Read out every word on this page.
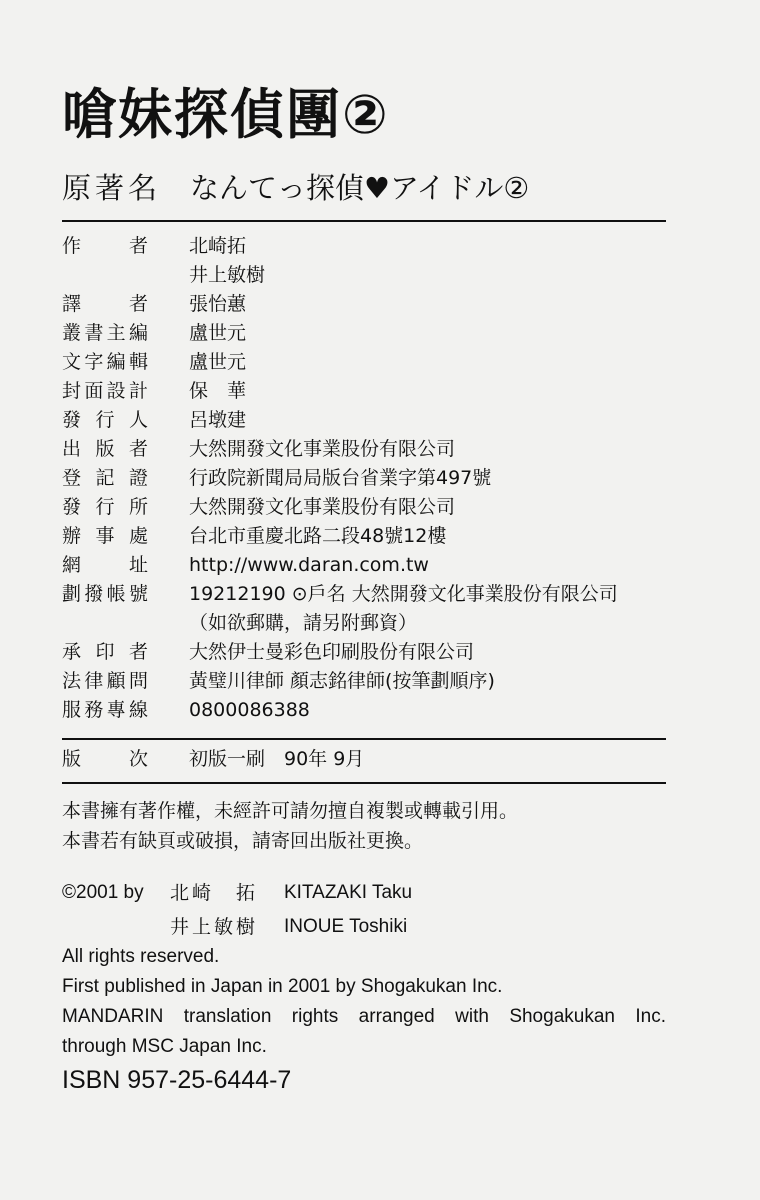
嗆妹探偵團②
原著名 なんてっ探偵♥アイドル②
作	者 北崎拓
井上敏樹
譯	者 張怡蕙
叢 書 主 編 盧世元
文 字 編 輯 盧世元
封 面 設 計 保　華
發 行 人 呂墩建
出 版 者 大然開發文化事業股份有限公司
登 記 證 行政院新聞局局版台省業字第497號
發 行 所 大然開發文化事業股份有限公司
辦 事 處 台北市重慶北路二段48號12樓
網	址 http://www.daran.com.tw
劃 撥 帳 號 19212190 ⊙戶名 大然開發文化事業股份有限公司
（如欲郵購，請另附郵資）
承 印 者 大然伊士曼彩色印刷股份有限公司
法 律 顧 問 黃璧川律師 顏志銘律師(按筆劃順序)
服 務 專 線 0800086388
版	次 初版一刷　90年 9月
本書擁有著作權，未經許可請勿擅自複製或轉載引用。
本書若有缺頁或破損，請寄回出版社更換。
©2001 by 北崎　拓 KITAZAKI Taku
井上敏樹 INOUE Toshiki
All rights reserved.
First published in Japan in 2001 by Shogakukan Inc.
MANDARIN translation rights arranged with Shogakukan Inc.
through MSC Japan Inc.
ISBN 957-25-6444-7
